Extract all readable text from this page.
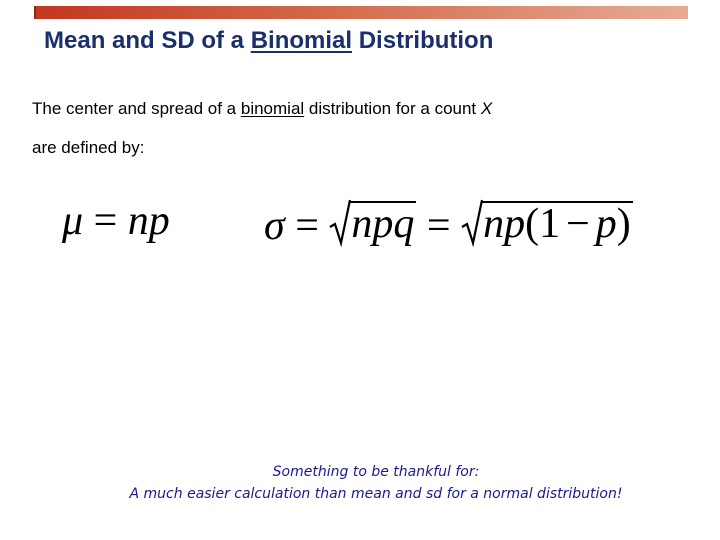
Mean and SD of a Binomial Distribution
The center and spread of a binomial distribution for a count X
are defined by:
μ = np σ = npq = np(1 − p)
Something to be thankful for:
A much easier calculation than mean and sd for a normal distribution!
